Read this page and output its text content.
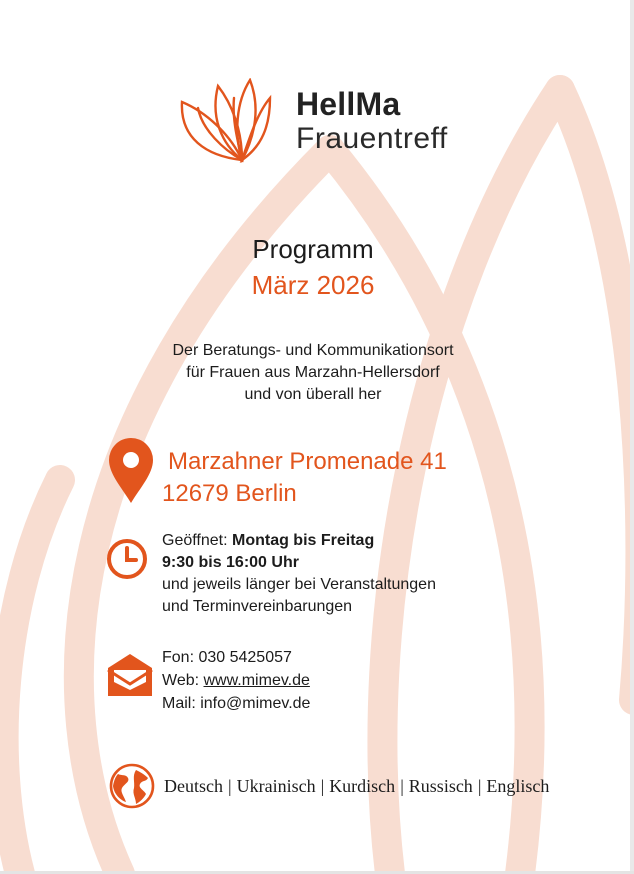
HellMa
Frauentreff
Programm
März 2026
Der Beratungs- und Kommunikationsort
für Frauen aus Marzahn-Hellersdorf
und von überall her
Marzahner Promenade 41
12679 Berlin
Geöffnet: Montag bis Freitag
9:30 bis 16:00 Uhr
und jeweils länger bei Veranstaltungen
und Terminvereinbarungen
Fon: 030 5425057
Web: www.mimev.de
Mail: info@mimev.de
Deutsch | Ukrainisch | Kurdisch | Russisch | Englisch
